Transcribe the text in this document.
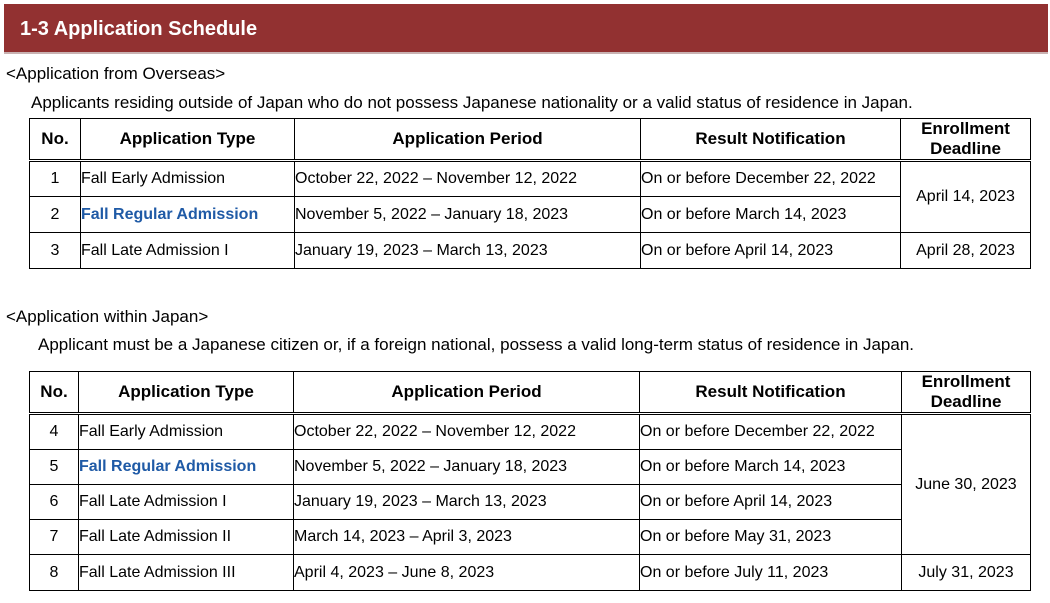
1-3 Application Schedule
<Application from Overseas>
Applicants residing outside of Japan who do not possess Japanese nationality or a valid status of residence in Japan.
No.	Application Type	Application Period	Result Notification	Enrollment
Deadline

1	Fall Early Admission	October 22, 2022 – November 12, 2022	On or before December 22, 2022	April 14, 2023
2	Fall Regular Admission	November 5, 2022 – January 18, 2023	On or before March 14, 2023	
3	Fall Late Admission I	January 19, 2023 – March 13, 2023	On or before April 14, 2023	April 28, 2023
<Application within Japan>
Applicant must be a Japanese citizen or, if a foreign national, possess a valid long-term status of residence in Japan.
No.	Application Type	Application Period	Result Notification	Enrollment
Deadline

4	Fall Early Admission	October 22, 2022 – November 12, 2022	On or before December 22, 2022	June 30, 2023
5	Fall Regular Admission	November 5, 2022 – January 18, 2023	On or before March 14, 2023	
6	Fall Late Admission I	January 19, 2023 – March 13, 2023	On or before April 14, 2023	
7	Fall Late Admission II	March 14, 2023 – April 3, 2023	On or before May 31, 2023	
8	Fall Late Admission III	April 4, 2023 – June 8, 2023	On or before July 11, 2023	July 31, 2023
